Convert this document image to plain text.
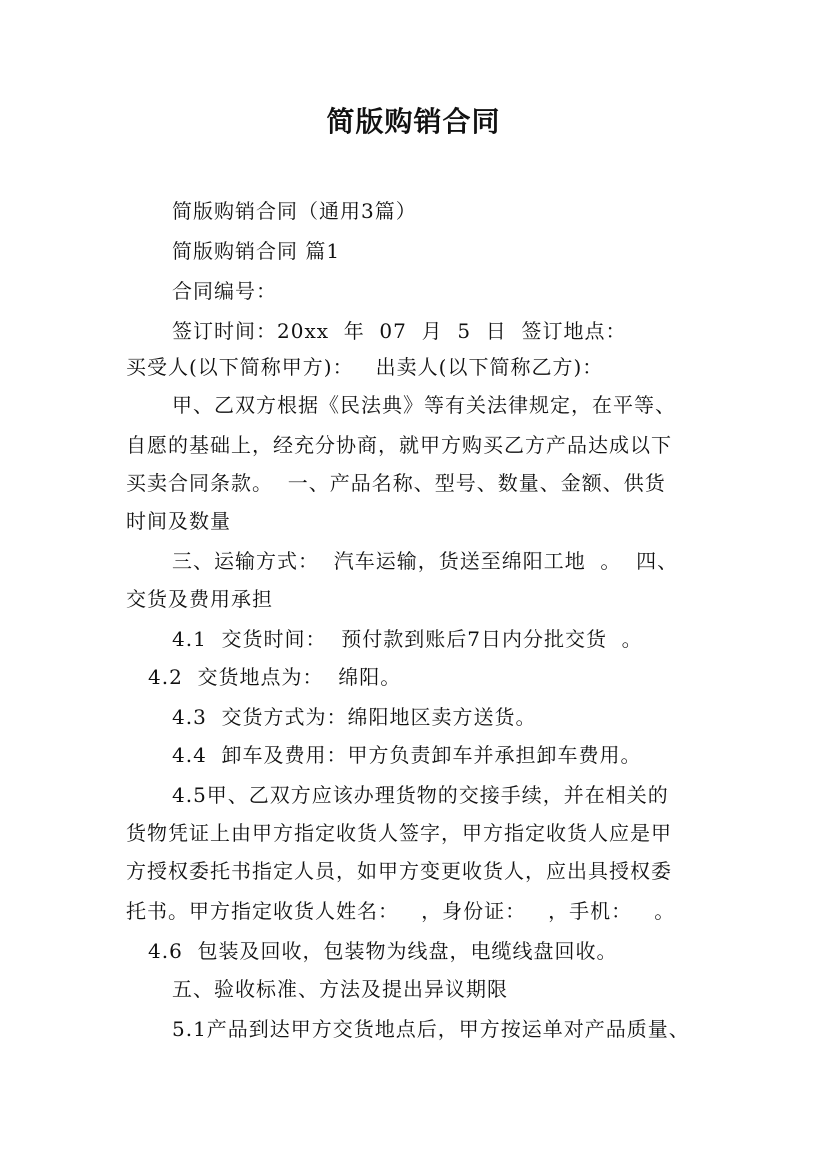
简版购销合同
简版购销合同（通用3篇）
简版购销合同 篇1
合同编号：
签订时间：20xx  年  07  月  5  日  签订地点：
买受人(以下简称甲方)：   出卖人(以下简称乙方)：
甲、乙双方根据《民法典》等有关法律规定，在平等、
自愿的基础上，经充分协商，就甲方购买乙方产品达成以下
买卖合同条款。  一、产品名称、型号、数量、金额、供货
时间及数量
三、运输方式：  汽车运输，货送至绵阳工地  。  四、
交货及费用承担
4.1  交货时间：  预付款到账后7日内分批交货  。
4.2  交货地点为：  绵阳。
4.3  交货方式为：绵阳地区卖方送货。
4.4  卸车及费用：甲方负责卸车并承担卸车费用。
4.5甲、乙双方应该办理货物的交接手续，并在相关的
货物凭证上由甲方指定收货人签字，甲方指定收货人应是甲
方授权委托书指定人员，如甲方变更收货人，应出具授权委
托书。甲方指定收货人姓名：   ，身份证：   ，手机：   。
4.6  包装及回收，包装物为线盘，电缆线盘回收。
五、验收标准、方法及提出异议期限
5.1产品到达甲方交货地点后，甲方按运单对产品质量、
